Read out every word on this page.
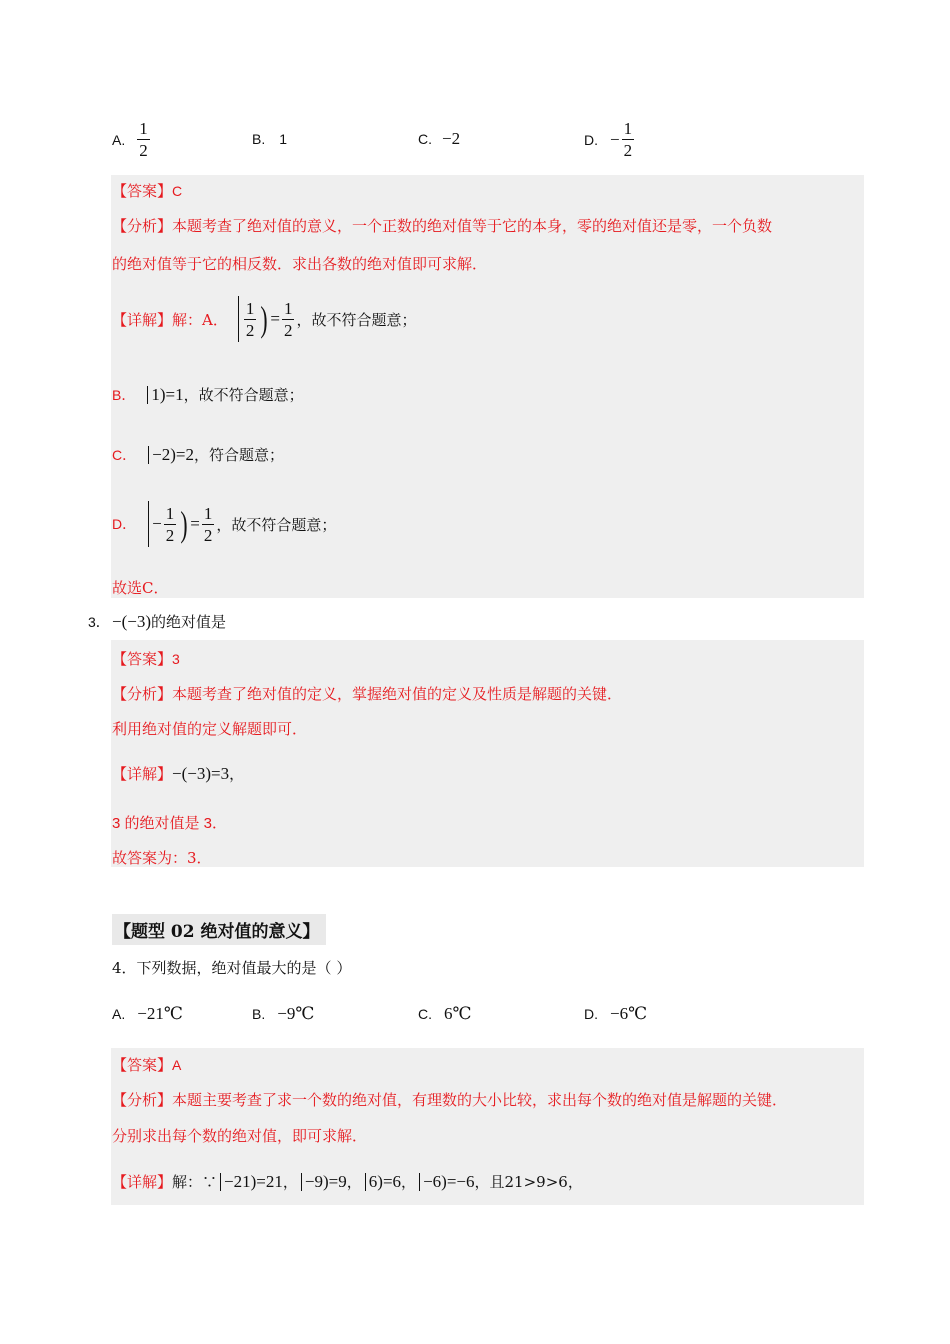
A. $\frac{1}{2}$	B. 1	C. −2	D. − $\frac{1}{2}$
【答案】C
【分析】本题考查了绝对值的意义，一个正数的绝对值等于它的本身，零的绝对值还是零，一个负数
的绝对值等于它的相反数．求出各数的绝对值即可求解．
【详解】 解：A． $\frac{1}{2}$ ) = $\frac{1}{2}$ ，故不符合题意；
B． 1 ) =1 ，故不符合题意；
C． −2 ) =2 ，符合题意；
D． − $\frac{1}{2}$ ) = $\frac{1}{2}$ ，故不符合题意；
故选C．
3． −(−3) 的绝对值是
【答案】3
【分析】本题考查了绝对值的定义，掌握绝对值的定义及性质是解题的关键．
利用绝对值的定义解题即可．
【详解】 −(−3)=3 ，
3 的绝对值是 3．
故答案为：3．
【题型 02 绝对值的意义】
4．下列数据，绝对值最大的是（ ）
A. −21℃	B. −9℃	C. 6℃	D. −6℃
【答案】A
【分析】本题主要考查了求一个数的绝对值，有理数的大小比较，求出每个数的绝对值是解题的关键．
分别求出每个数的绝对值，即可求解．
【详解】 解：∵ −21 ) =21 ， −9 ) =9 ， 6 ) =6 ， −6 ) =−6 ，且21>9>6，
